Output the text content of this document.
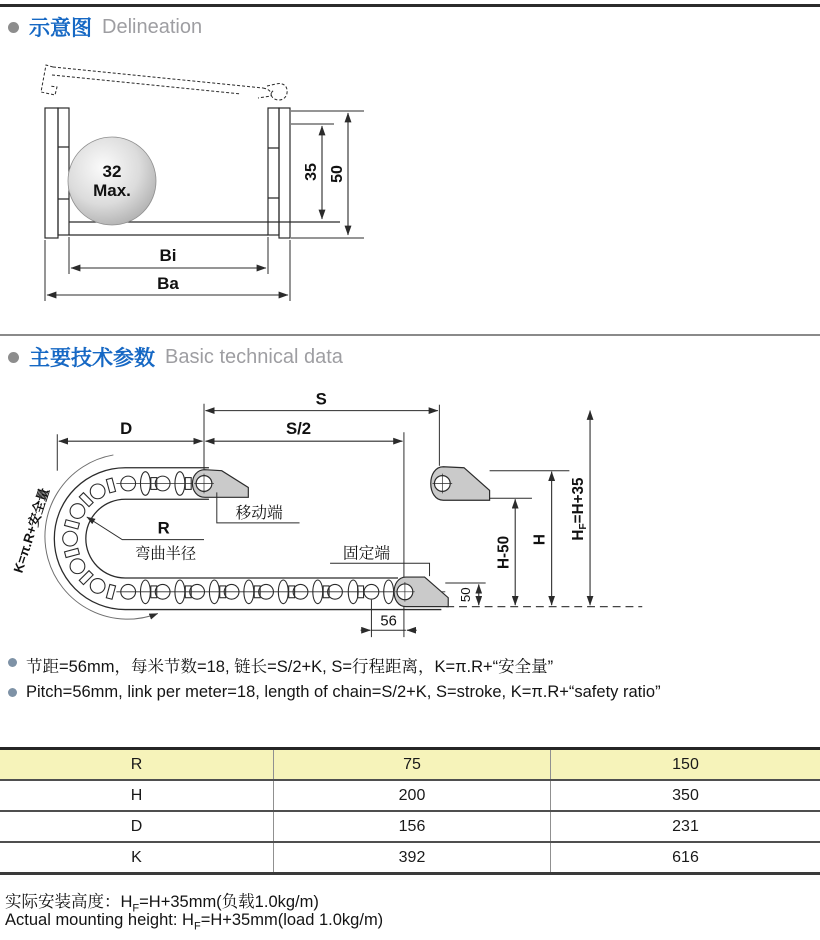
示意图 Delineation
32
Max.
35 50
Bi
Ba
主要技术参数 Basic technical data
S
D	S/2
R
弯曲半径
移动端
固定端
K=π.R+安全量	H-50 H HF=H+35
50
56
节距=56mm，每米节数=18, 链长=S/2+K, S=行程距离，K=π.R+“安全量”
Pitch=56mm, link per meter=18, length of chain=S/2+K, S=stroke, K=π.R+“safety ratio”
R	75	150
H	200	350
D	156	231
K	392	616
实际安装高度：$H_F=H+35mm$(负载1.0kg/m)
Actual mounting height: $H_F=H+35mm(load$ 1.0kg/m)
